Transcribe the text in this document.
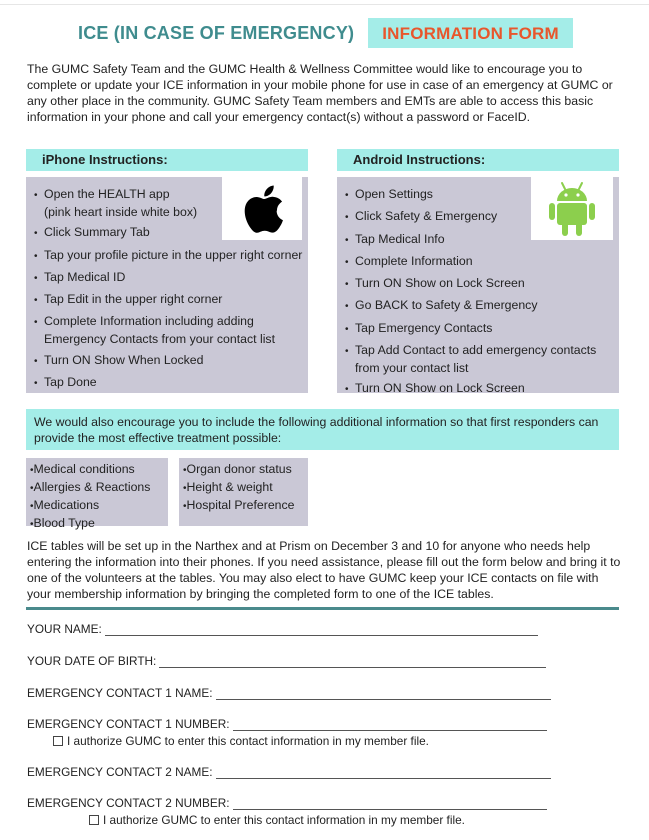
ICE (IN CASE OF EMERGENCY)	INFORMATION FORM

The GUMC Safety Team and the GUMC Health & Wellness Committee would like to encourage you to complete or update your ICE information in your mobile phone for use in case of an emergency at GUMC or any other place in the community. GUMC Safety Team members and EMTs are able to access this basic information in your phone and call your emergency contact(s) without a password or FaceID.

iPhone Instructions:
• Open the HEALTH app
(pink heart inside white box)
• Click Summary Tab
• Tap your profile picture in the upper right corner
• Tap Medical ID
• Tap Edit in the upper right corner
• Complete Information including adding Emergency Contacts from your contact list
• Turn ON Show When Locked
• Tap Done
Android Instructions:
• Open Settings
• Click Safety & Emergency
• Tap Medical Info
• Complete Information
• Turn ON Show on Lock Screen
• Go BACK to Safety & Emergency
• Tap Emergency Contacts
• Tap Add Contact to add emergency contacts from your contact list
• Turn ON Show on Lock Screen
We would also encourage you to include the following additional information so that first responders can provide the most effective treatment possible:
• Medical conditions
• Allergies & Reactions
• Medications
• Blood Type
• Organ donor status
• Height & weight
• Hospital Preference

ICE tables will be set up in the Narthex and at Prism on December 3 and 10 for anyone who needs help entering the information into their phones. If you need assistance, please fill out the form below and bring it to one of the volunteers at the tables. You may also elect to have GUMC keep your ICE contacts on file with your membership information by bringing the completed form to one of the ICE tables.

YOUR NAME:
YOUR DATE OF BIRTH:
EMERGENCY CONTACT 1 NAME:
EMERGENCY CONTACT 1 NUMBER:
I authorize GUMC to enter this contact information in my member file.
EMERGENCY CONTACT 2 NAME:
EMERGENCY CONTACT 2 NUMBER:
I authorize GUMC to enter this contact information in my member file.
